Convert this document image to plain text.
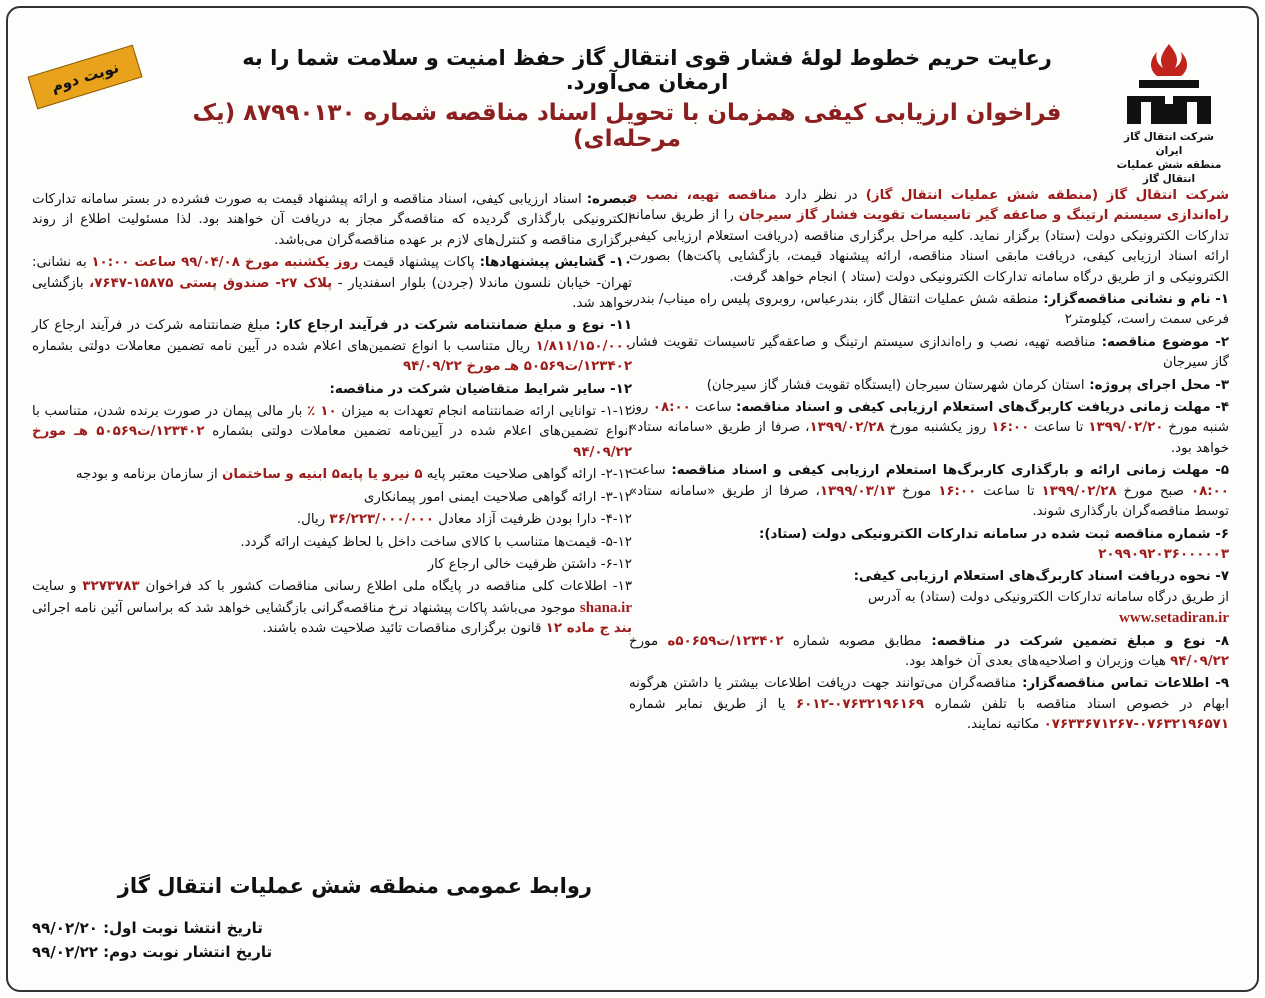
شرکت انتقال گاز ایران
منطقه شش عملیات انتقال گاز
رعایت حریم خطوط لولهٔ فشار قوی انتقال گاز حفظ امنیت و سلامت شما را به ارمغان می‌آورد.
نوبت دوم
فراخوان ارزیابی کیفی همزمان با تحویل اسناد مناقصه شماره ۸۷۹۹۰۱۳۰ (یک مرحله‌ای)

شرکت انتقال گاز (منطقه شش عملیات انتقال گاز) در نظر دارد مناقصه تهیه، نصب و راه‌اندازی سیستم ارتینگ و صاعقه گیر تاسیسات تقویت فشار گاز سیرجان را از طریق سامانه تدارکات الکترونیکی دولت (ستاد) برگزار نماید. کلیه مراحل برگزاری مناقصه (دریافت استعلام ارزیابی کیفی ارائه اسناد ارزیابی کیفی، دریافت مابقی اسناد مناقصه، ارائه پیشنهاد قیمت، بازگشایی پاکت‌ها) بصورت الکترونیکی و از طریق درگاه سامانه تدارکات الکترونیکی دولت (ستاد ) انجام خواهد گرفت.

۱- نام و نشانی مناقصه‌گزار: منطقه شش عملیات انتقال گاز، بندرعباس، روبروی پلیس راه میناب/ بندر، فرعی سمت راست، کیلومتر۲

۲- موضوع مناقصه: مناقصه تهیه، نصب و راه‌اندازی سیستم ارتینگ و صاعقه‌گیر تاسیسات تقویت فشار گاز سیرجان

۳- محل اجرای پروژه: استان کرمان شهرستان سیرجان (ایستگاه تقویت فشار گاز سیرجان)

۴- مهلت زمانی دریافت کاربرگ‌های استعلام ارزیابی کیفی و اسناد مناقصه: ساعت ۰۸:۰۰ روز شنبه مورخ ۱۳۹۹/۰۲/۲۰ تا ساعت ۱۶:۰۰ روز یکشنبه مورخ ۱۳۹۹/۰۲/۲۸، صرفا از طریق «سامانه ستاد» خواهد بود.

۵- مهلت زمانی ارائه و بارگذاری کاربرگ‌ها استعلام ارزیابی کیفی و اسناد مناقصه: ساعت ۰۸:۰۰ صبح مورخ ۱۳۹۹/۰۲/۲۸ تا ساعت ۱۶:۰۰ مورخ ۱۳۹۹/۰۳/۱۳، صرفا از طریق «سامانه ستاد» توسط مناقصه‌گران بارگذاری شوند.

۶- شماره مناقصه ثبت شده در سامانه تدارکات الکترونیکی دولت (ستاد):
۲۰۹۹۰۹۲۰۳۶۰۰۰۰۰۳

۷- نحوه دریافت اسناد کاربرگ‌های استعلام ارزیابی کیفی:
از طریق درگاه سامانه تدارکات الکترونیکی دولت (ستاد) به آدرس
www.setadiran.ir

۸- نوع و مبلغ تضمین شرکت در مناقصه: مطابق مصوبه شماره ۱۲۳۴۰۲/ت۵۰۶۵۹ه مورخ ۹۴/۰۹/۲۲ هیات وزیران و اصلاحیه‌های بعدی آن خواهد بود.

۹- اطلاعات تماس مناقصه‌گزار: مناقصه‌گران می‌توانند جهت دریافت اطلاعات بیشتر یا داشتن هرگونه ابهام در خصوص اسناد مناقصه با تلفن شماره ۰۷۶۳۲۱۹۶۱۶۹-۶۰۱۲ یا از طریق نمابر شماره ۰۷۶۳۲۱۹۶۵۷۱-۰۷۶۳۳۶۷۱۲۶۷ مکاتبه نمایند.

تبصره: اسناد ارزیابی کیفی، اسناد مناقصه و ارائه پیشنهاد قیمت به صورت فشرده در بستر سامانه تدارکات الکترونیکی بارگذاری گردیده که مناقصه‌گر مجاز به دریافت آن خواهند بود. لذا مسئولیت اطلاع از روند برگزاری مناقصه و کنترل‌های لازم بر عهده مناقصه‌گران می‌باشد.

۱۰- گشایش پیشنهادها: پاکات پیشنهاد قیمت روز یکشنبه مورخ ۹۹/۰۴/۰۸ ساعت ۱۰:۰۰ به نشانی: تهران- خیابان نلسون ماندلا (جردن) بلوار اسفندیار - پلاک ۲۷- صندوق پستی ۱۵۸۷۵-۷۶۴۷، بازگشایی خواهد شد.

۱۱- نوع و مبلغ ضمانتنامه شرکت در فرآیند ارجاع کار: مبلغ ضمانتنامه شرکت در فرآیند ارجاع کار ۱/۸۱۱/۱۵۰/۰۰۰ ریال متناسب با انواع تضمین‌های اعلام شده در آیین نامه تضمین معاملات دولتی بشماره ۱۲۳۴۰۲/ت۵۰۵۶۹ هـ مورخ ۹۴/۰۹/۲۲

۱۲- سایر شرایط متقاضیان شرکت در مناقصه:

۱-۱۲- توانایی ارائه ضمانتنامه انجام تعهدات به میزان ۱۰ ٪ بار مالی پیمان در صورت برنده شدن، متناسب با انواع تضمین‌های اعلام شده در آیین‌نامه تضمین معاملات دولتی بشماره ۱۲۳۴۰۲/ت۵۰۵۶۹ هـ مورخ ۹۴/۰۹/۲۲

۲-۱۲- ارائه گواهی صلاحیت معتبر پایه ۵ نیرو یا پایه۵ ابنیه و ساختمان از سازمان برنامه و بودجه

۳-۱۲- ارائه گواهی صلاحیت ایمنی امور پیمانکاری

۴-۱۲- دارا بودن ظرفیت آزاد معادل ۳۶/۲۲۳/۰۰۰/۰۰۰ ریال.

۵-۱۲- قیمت‌ها متناسب با کالای ساخت داخل با لحاظ کیفیت ارائه گردد.

۶-۱۲- داشتن ظرفیت خالی ارجاع کار

۱۳- اطلاعات کلی مناقصه در پایگاه ملی اطلاع رسانی مناقصات کشور با کد فراخوان ۳۲۷۳۷۸۳ و سایت shana.ir موجود می‌باشد پاکات پیشنهاد نرخ مناقصه‌گرانی بازگشایی خواهد شد که براساس آئین نامه اجرائی بند ج ماده ۱۲ قانون برگزاری مناقصات تائید صلاحیت شده باشند.

روابط عمومی منطقه شش عملیات انتقال گاز
تاریخ انتشا نوبت اول: ۹۹/۰۲/۲۰
تاریخ انتشار نوبت دوم: ۹۹/۰۲/۲۲
